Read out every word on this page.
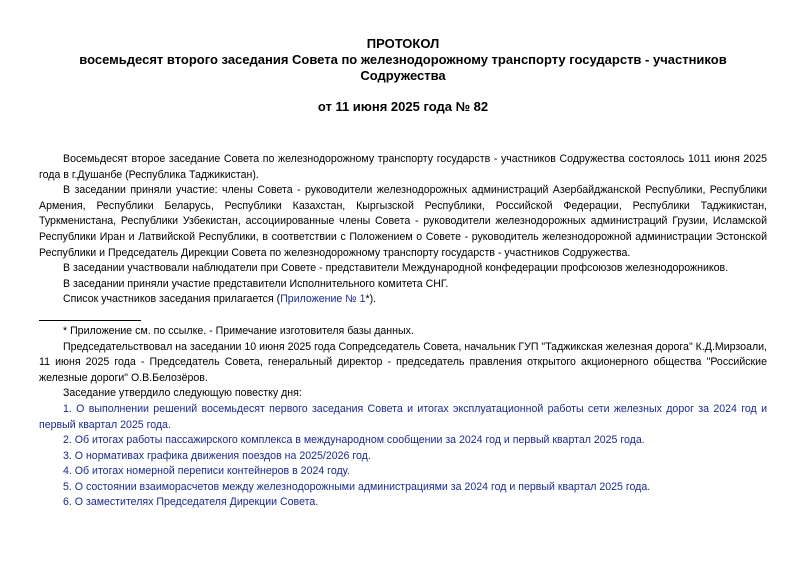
ПРОТОКОЛ
восемьдесят второго заседания Совета по железнодорожному транспорту государств - участников
Содружества
от 11 июня 2025 года № 82

Восемьдесят второе заседание Совета по железнодорожному транспорту государств - участников Содружества состоялось 1011 июня 2025 года в г.Душанбе (Республика Таджикистан).

В заседании приняли участие: члены Совета - руководители железнодорожных администраций Азербайджанской Республики, Республики Армения, Республики Беларусь, Республики Казахстан, Кыргызской Республики, Российской Федерации, Республики Таджикистан, Туркменистана, Республики Узбекистан, ассоциированные члены Совета - руководители железнодорожных администраций Грузии, Исламской Республики Иран и Латвийской Республики, в соответствии с Положением о Совете - руководитель железнодорожной администрации Эстонской Республики и Председатель Дирекции Совета по железнодорожному транспорту государств - участников Содружества.

В заседании участвовали наблюдатели при Совете - представители Международной конфедерации профсоюзов железнодорожников.

В заседании приняли участие представители Исполнительного комитета СНГ.

Список участников заседания прилагается (Приложение № 1*).

* Приложение см. по ссылке. - Примечание изготовителя базы данных.

Председательствовал на заседании 10 июня 2025 года Сопредседатель Совета, начальник ГУП "Таджикская железная дорога" К.Д.Мирзоали, 11 июня 2025 года - Председатель Совета, генеральный директор - председатель правления открытого акционерного общества "Российские железные дороги" О.В.Белозёров.

Заседание утвердило следующую повестку дня:

1. О выполнении решений восемьдесят первого заседания Совета и итогах эксплуатационной работы сети железных дорог за 2024 год и первый квартал 2025 года.

2. Об итогах работы пассажирского комплекса в международном сообщении за 2024 год и первый квартал 2025 года.

3. О нормативах графика движения поездов на 2025/2026 год.

4. Об итогах номерной переписи контейнеров в 2024 году.

5. О состоянии взаиморасчетов между железнодорожными администрациями за 2024 год и первый квартал 2025 года.

6. О заместителях Председателя Дирекции Совета.
